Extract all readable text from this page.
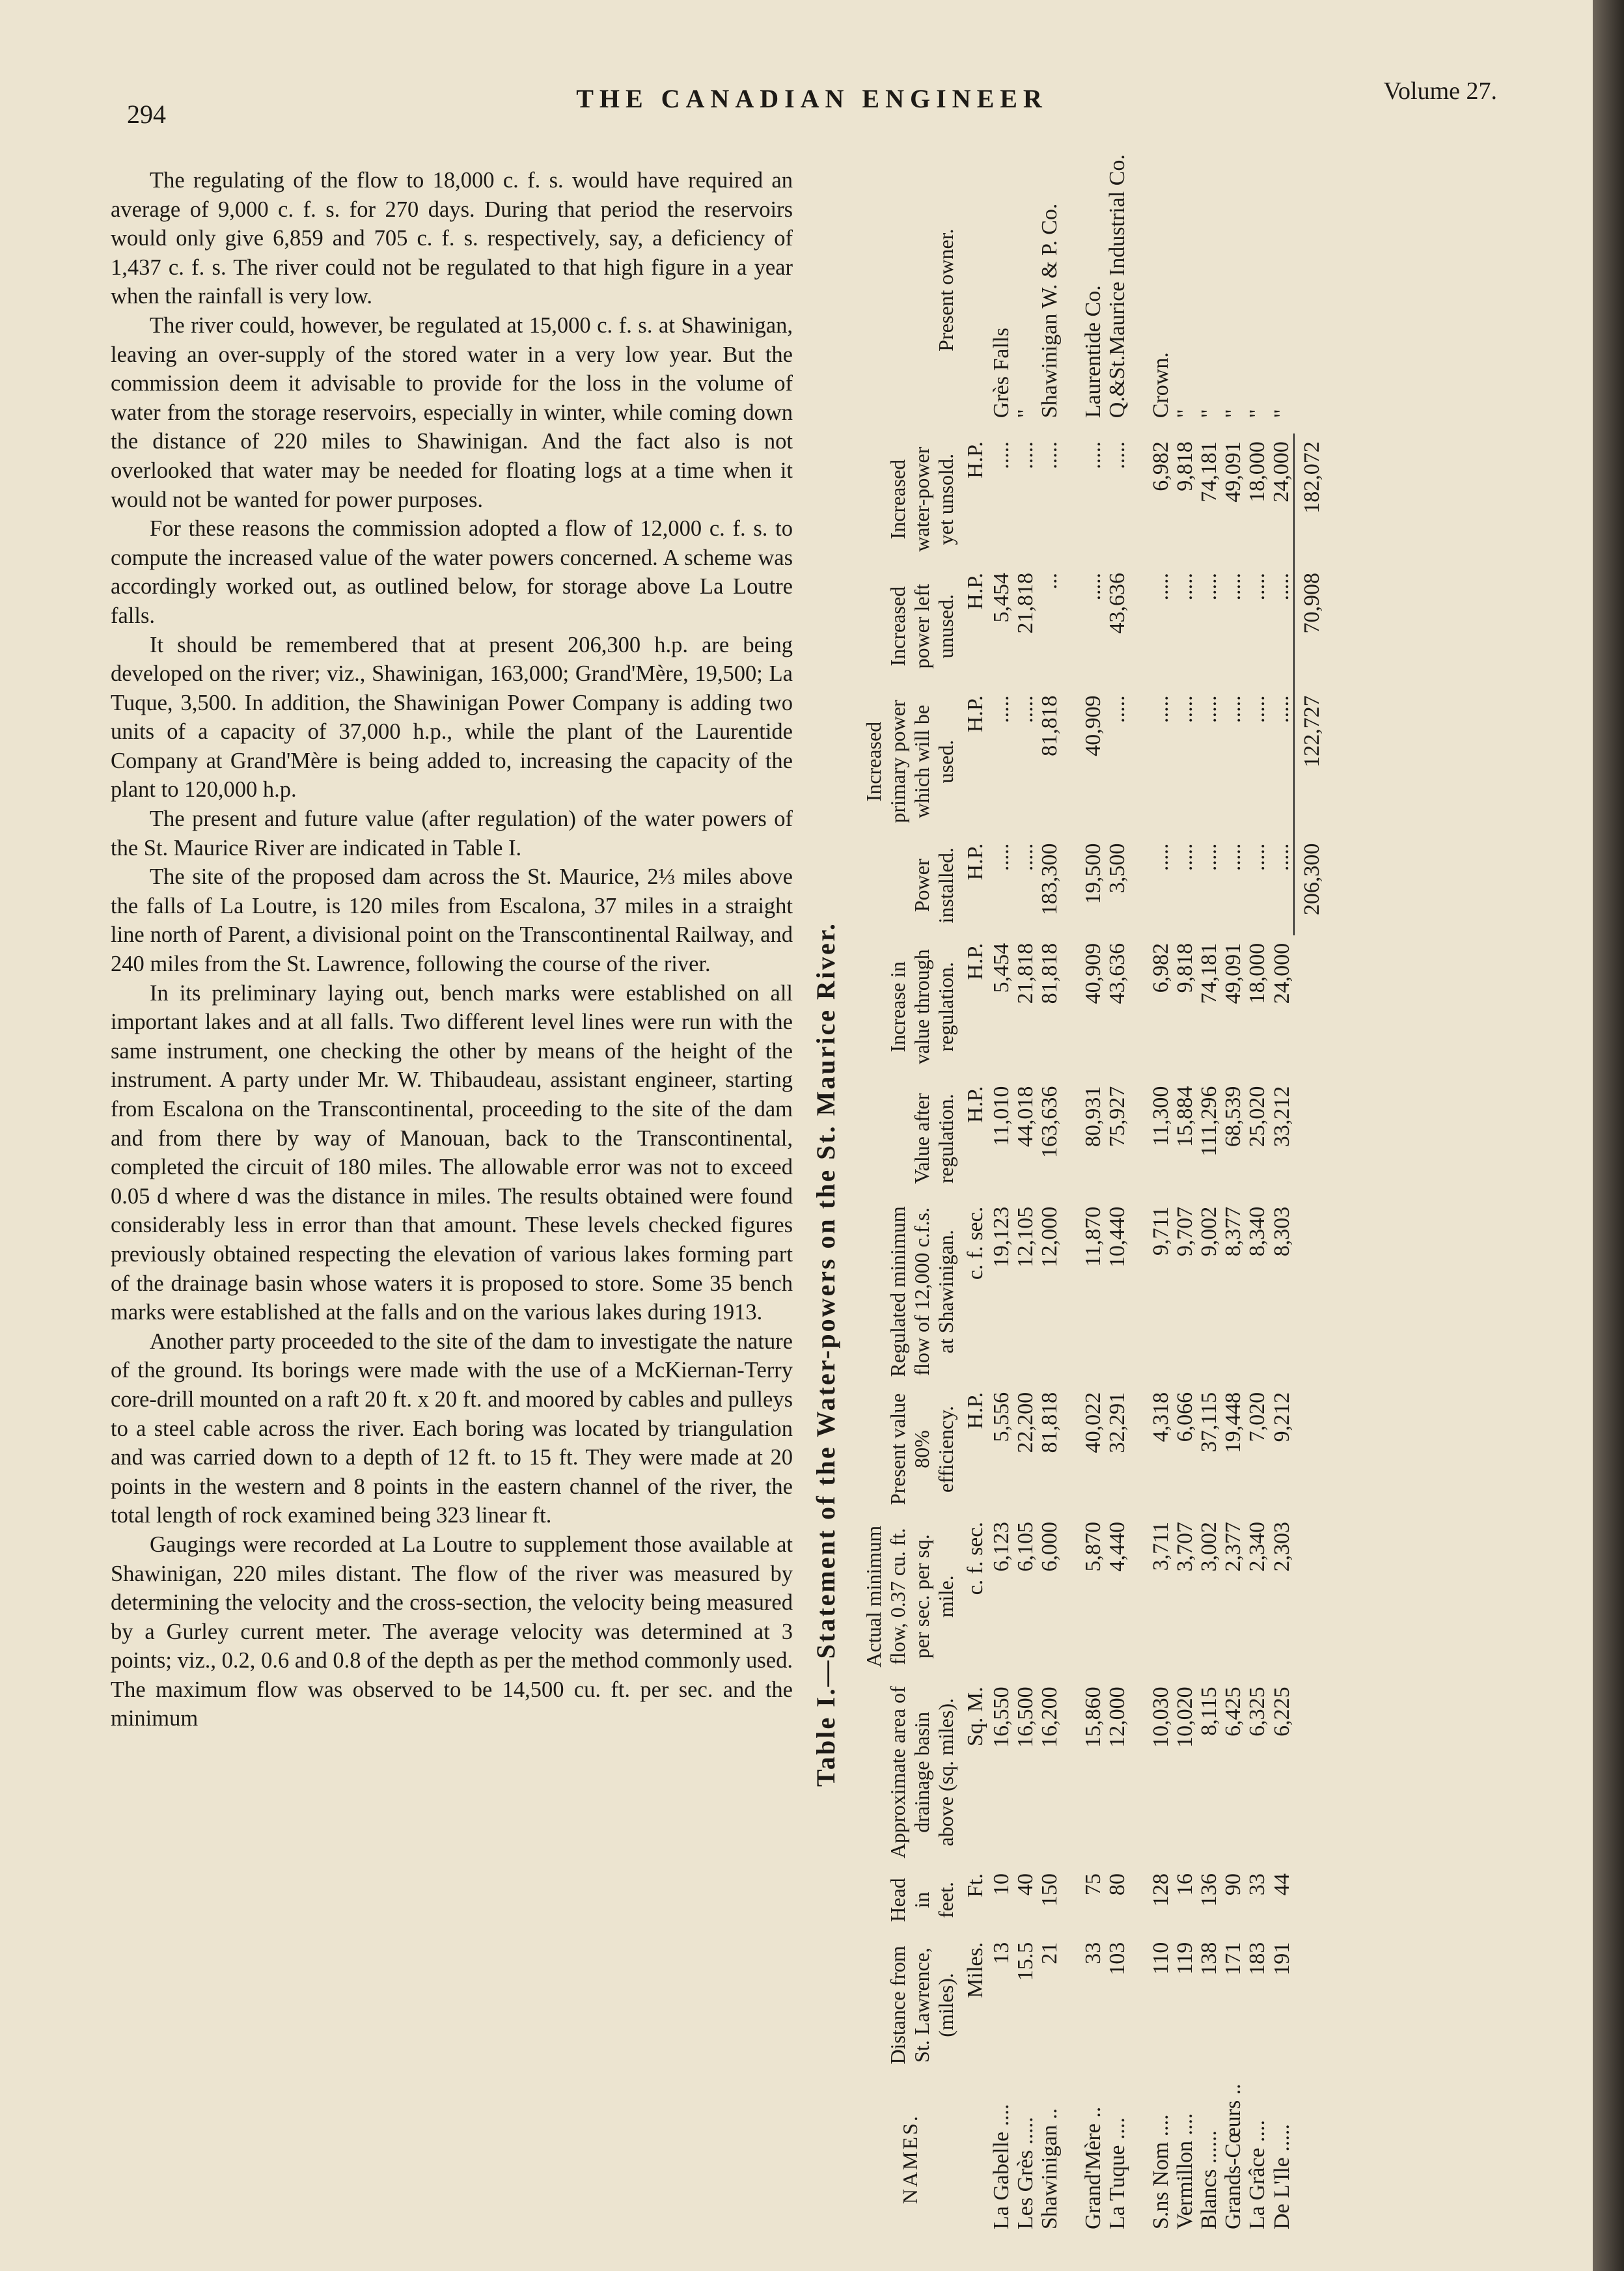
294
THE CANADIAN ENGINEER	Volume 27.

The regulating of the flow to 18,000 c. f. s. would have required an average of 9,000 c. f. s. for 270 days. During that period the reservoirs would only give 6,859 and 705 c. f. s. respectively, say, a deficiency of 1,437 c. f. s. The river could not be regulated to that high figure in a year when the rainfall is very low.

The river could, however, be regulated at 15,000 c. f. s. at Shawinigan, leaving an over-supply of the stored water in a very low year. But the commission deem it advisable to provide for the loss in the volume of water from the storage reservoirs, especially in winter, while coming down the distance of 220 miles to Shawinigan. And the fact also is not overlooked that water may be needed for floating logs at a time when it would not be wanted for power purposes.

For these reasons the commission adopted a flow of 12,000 c. f. s. to compute the increased value of the water powers concerned. A scheme was accordingly worked out, as outlined below, for storage above La Loutre falls.

It should be remembered that at present 206,300 h.p. are being developed on the river; viz., Shawinigan, 163,000; Grand'Mère, 19,500; La Tuque, 3,500. In addition, the Shawinigan Power Company is adding two units of a capacity of 37,000 h.p., while the plant of the Laurentide Company at Grand'Mère is being added to, increasing the capacity of the plant to 120,000 h.p.

The present and future value (after regulation) of the water powers of the St. Maurice River are indicated in Table I.

The site of the proposed dam across the St. Maurice, 2⅓ miles above the falls of La Loutre, is 120 miles from Escalona, 37 miles in a straight line north of Parent, a divisional point on the Transcontinental Railway, and 240 miles from the St. Lawrence, following the course of the river.

In its preliminary laying out, bench marks were established on all important lakes and at all falls. Two different level lines were run with the same instrument, one checking the other by means of the height of the instrument. A party under Mr. W. Thibaudeau, assistant engineer, starting from Escalona on the Transcontinental, proceeding to the site of the dam and from there by way of Manouan, back to the Transcontinental, completed the circuit of 180 miles. The allowable error was not to exceed 0.05 d where d was the distance in miles. The results obtained were found considerably less in error than that amount. These levels checked figures previously obtained respecting the elevation of various lakes forming part of the drainage basin whose waters it is proposed to store. Some 35 bench marks were established at the falls and on the various lakes during 1913.

Another party proceeded to the site of the dam to investigate the nature of the ground. Its borings were made with the use of a McKiernan-Terry core-drill mounted on a raft 20 ft. x 20 ft. and moored by cables and pulleys to a steel cable across the river. Each boring was located by triangulation and was carried down to a depth of 12 ft. to 15 ft. They were made at 20 points in the western and 8 points in the eastern channel of the river, the total length of rock examined being 323 linear ft.

Gaugings were recorded at La Loutre to supplement those available at Shawinigan, 220 miles distant. The flow of the river was measured by determining the velocity and the cross-section, the velocity being measured by a Gurley current meter. The average velocity was determined at 3 points; viz., 0.2, 0.6 and 0.8 of the depth as per the method commonly used. The maximum flow was observed to be 14,500 cu. ft. per sec. and the minimum	Table I.—Statement of the Water-powers on the St. Maurice River.
NAMES.	Distance from St. Lawrence, (miles).	Head in feet.	Approximate area of drainage basin above (sq. miles).	Actual minimum flow, 0.37 cu. ft. per sec. per sq. mile.	Present value 80% efficiency.	Regulated minimum flow of 12,000 c.f.s. at Shawinigan.	Value after regulation.	Increase in value through regulation.	Power installed.	Increased primary power which will be used.	Increased power left unused.	Increased water-power yet unsold.	Present owner.
	Miles.	Ft.	Sq. M.	c. f. sec.	H.P.	c. f. sec.	H.P.	H.P.	H.P.	H.P.	H.P.	H.P.	
La Gabelle ....	13	10	16,550	6,123	5,556	19,123	11,010	5,454	.....	.....	5,454	.....	Grès Falls
Les Grès .....	15.5	40	16,500	6,105	22,200	12,105	44,018	21,818	.....	.....	21,818	.....	"
Shawinigan ..	21	150	16,200	6,000	81,818	12,000	163,636	81,818	183,300	81,818	...	.....	Shawinigan W. & P. Co.

Grand'Mère ..	33	75	15,860	5,870	40,022	11,870	80,931	40,909	19,500	40,909	.....	.....	Laurentide Co.
La Tuque ....	103	80	12,000	4,440	32,291	10,440	75,927	43,636	3,500	.....	43,636	.....	Q.&St.Maurice Industrial Co.

S.ns Nom ....	110	128	10,030	3,711	4,318	9,711	11,300	6,982	.....	.....	.....	6,982	Crown.
Vermillon ....	119	16	10,020	3,707	6,066	9,707	15,884	9,818	.....	.....	.....	9,818	"
Blancs ......	138	136	8,115	3,002	37,115	9,002	111,296	74,181	.....	.....	.....	74,181	"
Grands-Cœurs ..	171	90	6,425	2,377	19,448	8,377	68,539	49,091	.....	.....	.....	49,091	"
La Grâce ....	183	33	6,325	2,340	7,020	8,340	25,020	18,000	.....	.....	.....	18,000	"
De L'Ile .....	191	44	6,225	2,303	9,212	8,303	33,212	24,000	.....	.....	.....	24,000	"
									206,300	122,727	70,908	182,072	
